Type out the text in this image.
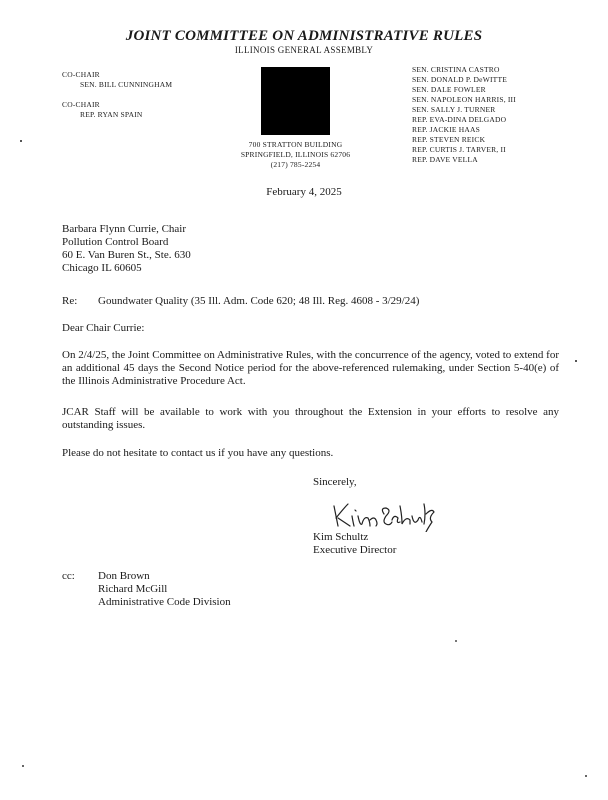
JOINT COMMITTEE ON ADMINISTRATIVE RULES
ILLINOIS GENERAL ASSEMBLY
CO-CHAIR
SEN. BILL CUNNINGHAM
CO-CHAIR
REP. RYAN SPAIN
700 STRATTON BUILDING
SPRINGFIELD, ILLINOIS 62706
(217) 785-2254
SEN. CRISTINA CASTRO
SEN. DONALD P. DeWITTE
SEN. DALE FOWLER
SEN. NAPOLEON HARRIS, III
SEN. SALLY J. TURNER
REP. EVA-DINA DELGADO
REP. JACKIE HAAS
REP. STEVEN REICK
REP. CURTIS J. TARVER, II
REP. DAVE VELLA
February 4, 2025
Barbara Flynn Currie, Chair
Pollution Control Board
60 E. Van Buren St., Ste. 630
Chicago IL 60605
Re: Goundwater Quality (35 Ill. Adm. Code 620; 48 Ill. Reg. 4608 - 3/29/24)
Dear Chair Currie:
On 2/4/25, the Joint Committee on Administrative Rules, with the concurrence of the agency, voted to extend for an additional 45 days the Second Notice period for the above-referenced rulemaking, under Section 5-40(e) of the Illinois Administrative Procedure Act.
JCAR Staff will be available to work with you throughout the Extension in your efforts to resolve any outstanding issues.
Please do not hesitate to contact us if you have any questions.
Sincerely,
Kim Schultz
Executive Director
cc: Don Brown
Richard McGill
Administrative Code Division
